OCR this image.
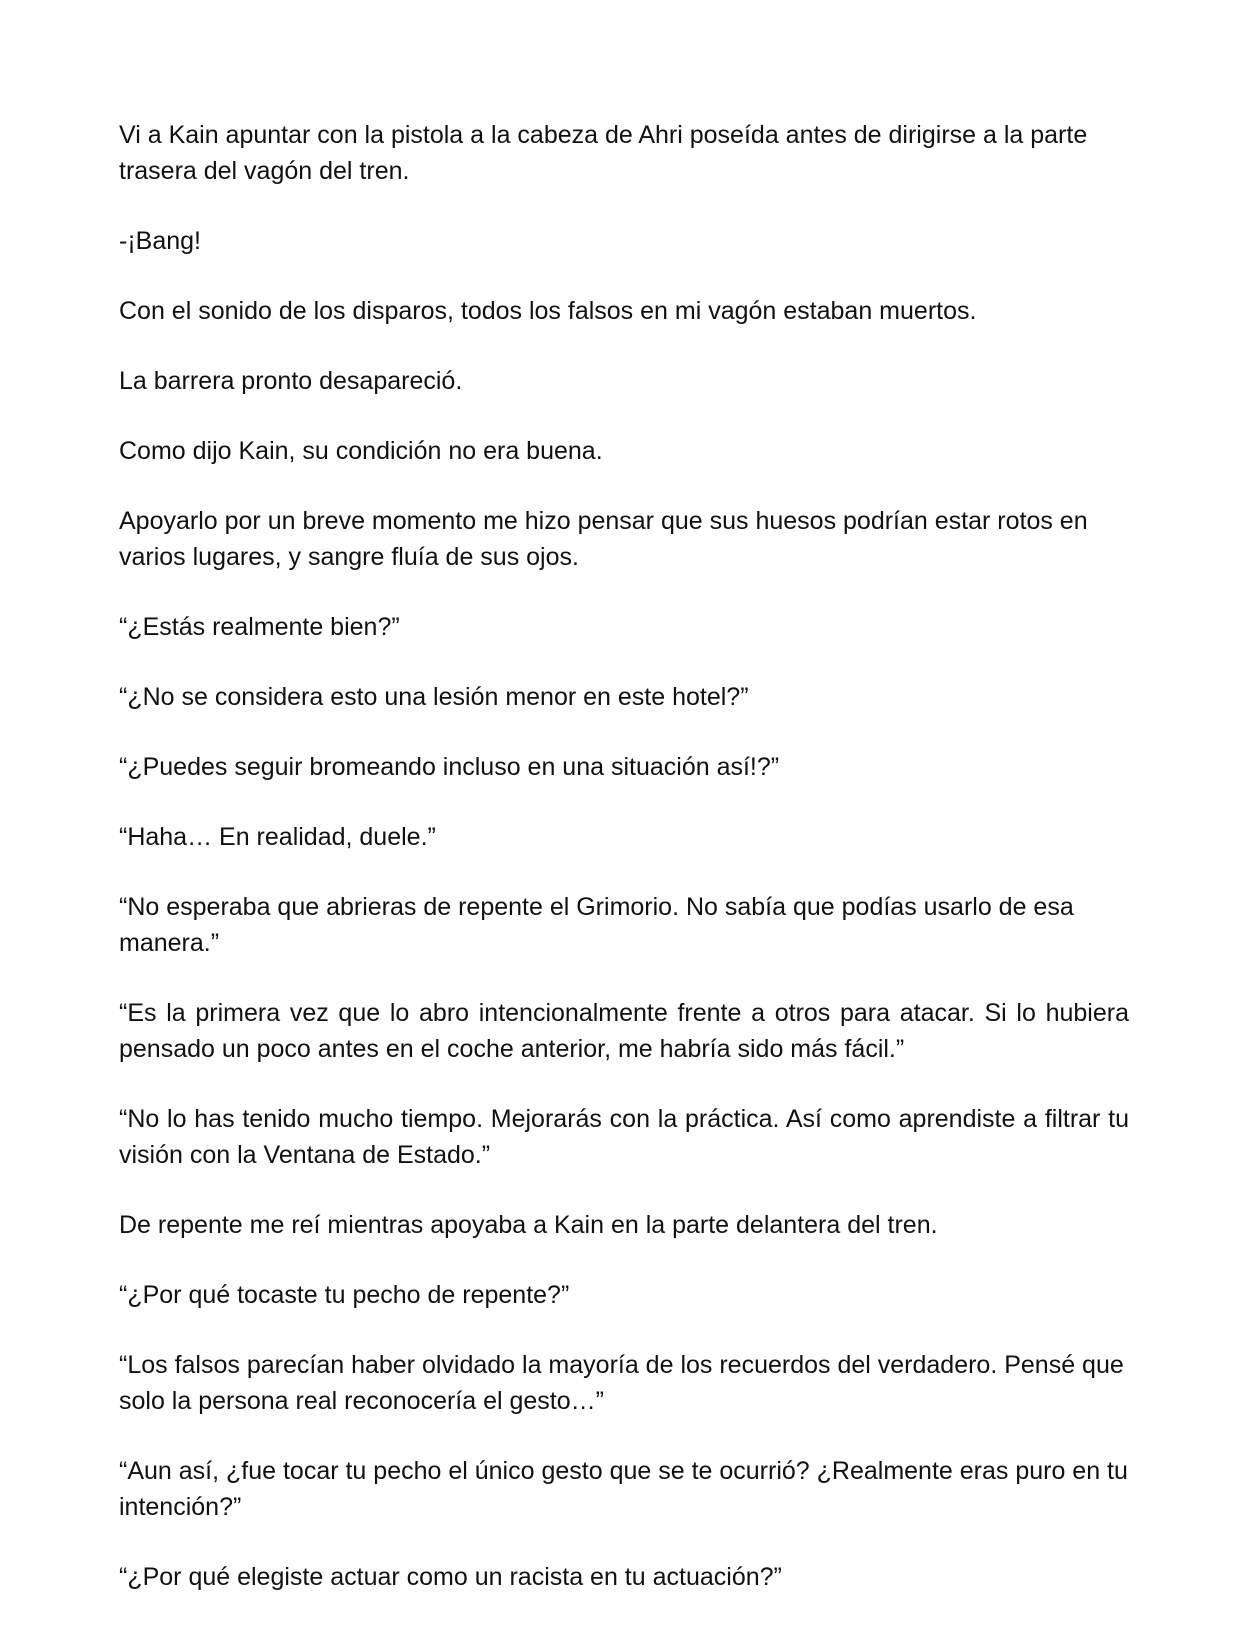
Vi a Kain apuntar con la pistola a la cabeza de Ahri poseída antes de dirigirse a la parte trasera del vagón del tren.

-¡Bang!

Con el sonido de los disparos, todos los falsos en mi vagón estaban muertos.

La barrera pronto desapareció.

Como dijo Kain, su condición no era buena.

Apoyarlo por un breve momento me hizo pensar que sus huesos podrían estar rotos en varios lugares, y sangre fluía de sus ojos.

“¿Estás realmente bien?”

“¿No se considera esto una lesión menor en este hotel?”

“¿Puedes seguir bromeando incluso en una situación así!?”

“Haha… En realidad, duele.”

“No esperaba que abrieras de repente el Grimorio. No sabía que podías usarlo de esa manera.”

“Es la primera vez que lo abro intencionalmente frente a otros para atacar. Si lo hubiera pensado un poco antes en el coche anterior, me habría sido más fácil.”

“No lo has tenido mucho tiempo. Mejorarás con la práctica. Así como aprendiste a filtrar tu visión con la Ventana de Estado.”

De repente me reí mientras apoyaba a Kain en la parte delantera del tren.

“¿Por qué tocaste tu pecho de repente?”

“Los falsos parecían haber olvidado la mayoría de los recuerdos del verdadero. Pensé que solo la persona real reconocería el gesto…”

“Aun así, ¿fue tocar tu pecho el único gesto que se te ocurrió? ¿Realmente eras puro en tu intención?”

“¿Por qué elegiste actuar como un racista en tu actuación?”
